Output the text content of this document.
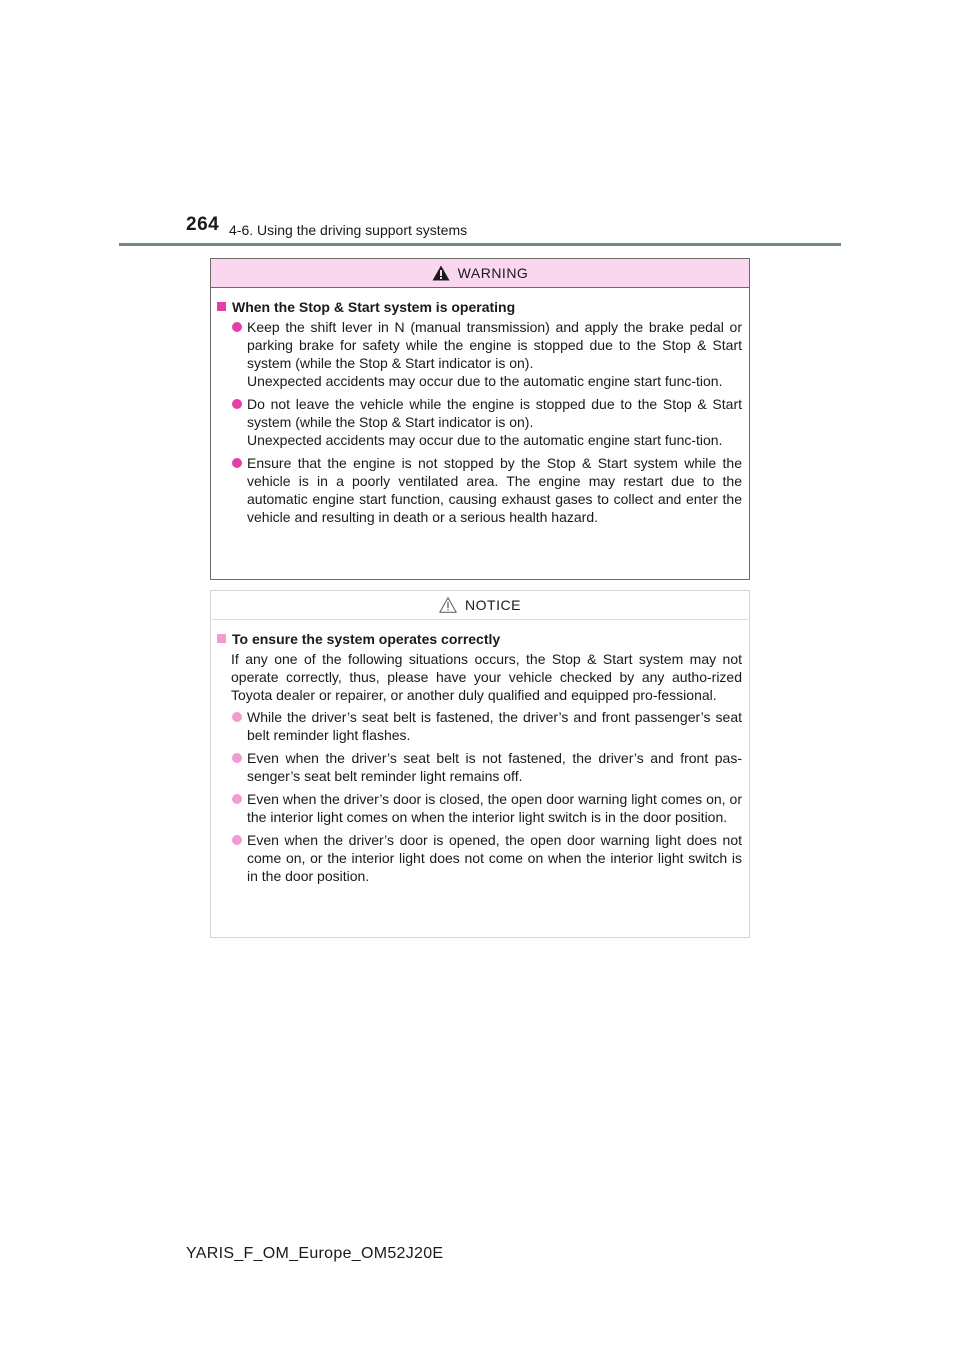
264 4-6. Using the driving support systems
WARNING
When the Stop & Start system is operating

Keep the shift lever in N (manual transmission) and apply the brake pedal or parking brake for safety while the engine is stopped due to the Stop & Start system (while the Stop & Start indicator is on).

Unexpected accidents may occur due to the automatic engine start func-tion.

Do not leave the vehicle while the engine is stopped due to the Stop & Start system (while the Stop & Start indicator is on).

Unexpected accidents may occur due to the automatic engine start func-tion.

Ensure that the engine is not stopped by the Stop & Start system while the vehicle is in a poorly ventilated area. The engine may restart due to the automatic engine start function, causing exhaust gases to collect and enter the vehicle and resulting in death or a serious health hazard.

NOTICE
To ensure the system operates correctly

If any one of the following situations occurs, the Stop & Start system may not operate correctly, thus, please have your vehicle checked by any autho-rized Toyota dealer or repairer, or another duly qualified and equipped pro-fessional.

While the driver’s seat belt is fastened, the driver’s and front passenger’s seat belt reminder light flashes.
Even when the driver’s seat belt is not fastened, the driver’s and front pas-senger’s seat belt reminder light remains off.
Even when the driver’s door is closed, the open door warning light comes on, or the interior light comes on when the interior light switch is in the door position.
Even when the driver’s door is opened, the open door warning light does not come on, or the interior light does not come on when the interior light switch is in the door position.
YARIS_F_OM_Europe_OM52J20E
